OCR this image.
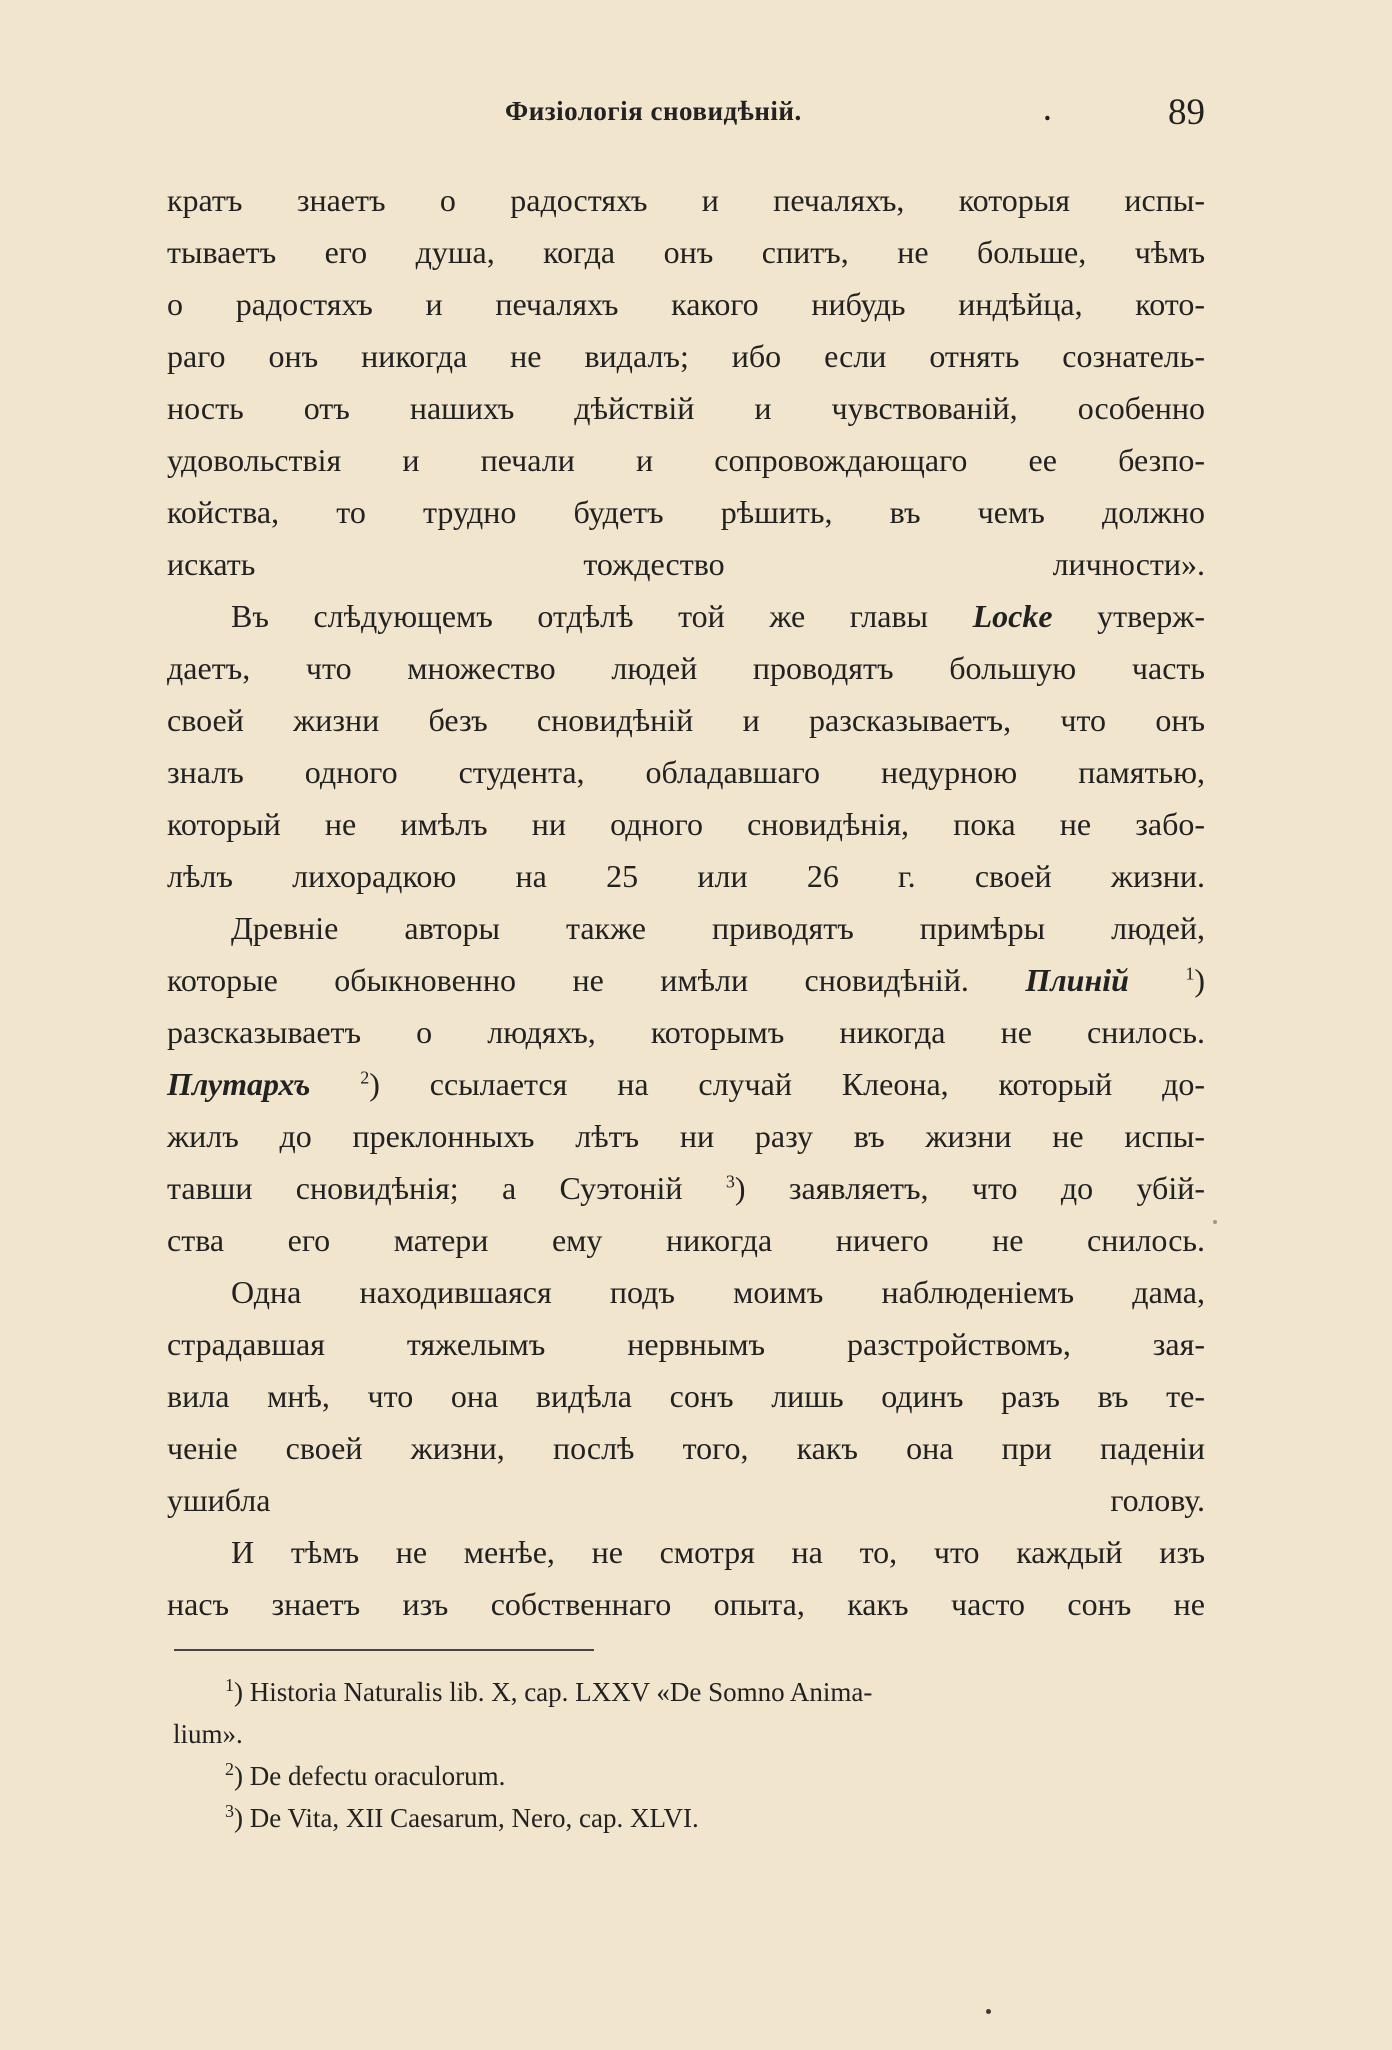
Физіологія сновидѣній.	.	89

кратъ знаетъ о радостяхъ и печаляхъ, которыя испы-
тываетъ его душа, когда онъ спитъ, не больше, чѣмъ
о радостяхъ и печаляхъ какого нибудь индѣйца, кото-
раго онъ никогда не видалъ; ибо если отнять сознатель-
ность отъ нашихъ дѣйствій и чувствованій, особенно
удовольствія и печали и сопровождающаго ее безпо-
койства, то трудно будетъ рѣшить, въ чемъ должно
искать тождество личности».

Въ слѣдующемъ отдѣлѣ той же главы Locke утверж-
даетъ, что множество людей проводятъ большую часть
своей жизни безъ сновидѣній и разсказываетъ, что онъ
зналъ одного студента, обладавшаго недурною памятью,
который не имѣлъ ни одного сновидѣнія, пока не забо-
лѣлъ лихорадкою на 25 или 26 г. своей жизни.

Древніе авторы также приводятъ примѣры людей,
которые обыкновенно не имѣли сновидѣній. Плиній	$^1$)
разсказываетъ о людяхъ, которымъ никогда не снилось.
Плутархъ	$^2$) ссылается на случай Клеона, который до-
жилъ до преклонныхъ лѣтъ ни разу въ жизни не испы-
тавши сновидѣнія; а Суэтоній $^3$) заявляетъ, что до убій-
ства его матери ему никогда ничего не снилось.

Одна находившаяся подъ моимъ наблюденіемъ дама,
страдавшая тяжелымъ нервнымъ разстройствомъ, зая-
вила мнѣ, что она видѣла сонъ лишь одинъ разъ въ те-
ченіе своей жизни, послѣ того, какъ она при паденіи
ушибла голову.

И тѣмъ не менѣе, не смотря на то, что каждый изъ
насъ знаетъ изъ собственнаго опыта, какъ часто сонъ не

$^1$) Historia Naturalis lib. X, cap. LXXV «De Somno Anima-
lium».

$^2$) De defectu oraculorum.

$^3$) De Vita, XII Caesarum, Nero, cap. XLVI.
